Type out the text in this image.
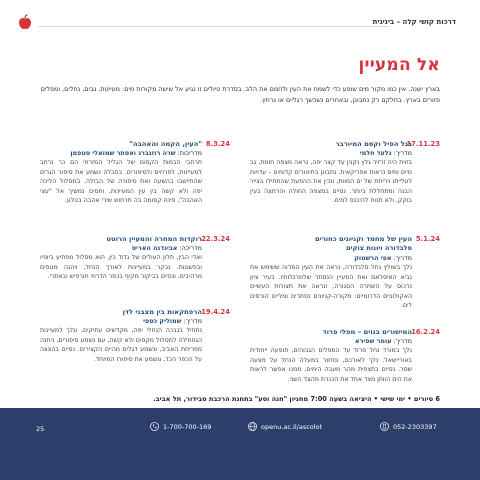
דרכות קושי קלה – ביניגית
אל המעיין
בארץ ישנה, אין כמו מקור מים שופע כדי לשמח את העין ולחמם את הלב. בסדרת טיולים זו נגיע אל שישה מקורות מים: מעיינות, גבים, נחלים, ומפלים פזורים בארץ. בחלקם רק נתבונן, ובאחרים נשכשך רגליים או נרחץ.
17.11.23
רגל הפיל וקסם המיורבר
מדריך: גלעד חלמי
בזוית היה זרזיר גלץ נקנין עד קצר יפה, נראה מצפה חומת, גב מיים ומים נראות אפריקאית. נתבונן בחיטורים קדומים – עדויות לעלייתו ויריחת של ים המוות, ונכין את ההפעת שהתחילו בצייר הבנה ומתחללת ביותר. נסיים במצפה החולה והרחצה בעין בוקק, ולא תנוח להיכנס למים.
5.1.24
העין של מחמד וקניונים כחורים
סלבדורה ויונות צוקים
מדריך: אפי הרשטוק
נלך בשולץ נחל סלבדורה, נראה את העין המרוה ששימש את נביא האיסלאם ואת המעיין הנסתר שלמרגלותיו. בעיר ציון נרכוס על השתרה הסגורה, ונראה את תצורות העשיים האקולוגיים הדרומיים: מקורה-קניונים נסתרים ומליים הורסים לים.
16.2.24
המישורים בגוים – מפלי פרוד
מדריך: עומר שפירא
נלך במורד נחל פרוד עד המפלים הגבוהים, תופעה ייחודית באוריישאל. נלך לאורכם, ונחזור במעלה הנחל על מצעה שסר. נסיים בתצפית מהר מעבה הימים, ממנו אפשר לראות את הים הוותן מצד אחד את הכנרת מהצד השני.
8.3.24
"העין, הקמה והאהבה"
מדריכות: שרה רוזנברג ואסתר שמואלי סטפמן
תרחבי הבמות הקסום של הגליל המזרחי הם כר נרחב למעיינות, לפרחים ולסיפורים. בסבלה נשמע את סיפור הגרים שהתיישבו בהשעה ואת סיפורה של הבזלה. במסלול הליכה יפה ולא קשה בין עין המעיינות, ותסים נמשיך אל "עצי האהבה", פינה קסומה בה תרחוש שירי אהבה בטלע.
22.3.24
רוקדות המחרה והמעיין הרוטט
מדריכה: אביגדנה האריס
ואדי הבין, תלון העולים של גדוד בין, הוא מסלול מפתיע ביופיו ובפשטות. נבקר במעיינות לאורך הנחל, ויהנה מנופים מרהיבים, ונסיים בביקור מקיף בכפר הדרוזי חורפיש ובאתרי.
19.4.24
הרפתקאות בין מצבני לדן
מדריך: שמוליק כספי
נתחיל בנבכה הנחלי יפה, מקדשים עתיקים, ונלך למעיינות הגוזחילה למסלול מקסים ולא קשה, עם נשמע סיפורים, ניחנה מפריחת האביב, ונשמע דגלים מהיים הקצירים. נסיים בהצצה על הכפר הכד, ונשמע את סיפורו המיוחד.
6 סיורים • ימי שישי • היציאה בשעה 7:00 מחניון "חנה וסע" בתחנת הרכבת סבידור, תל אביב.
25	1-700-700-169	openu.ac.il/ascolot	052-2303397
